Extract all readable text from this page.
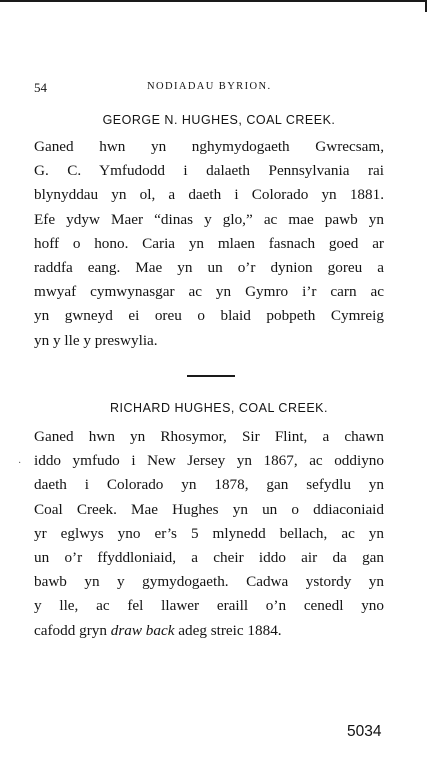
54	NODIADAU BYRION.
GEORGE N. HUGHES, COAL CREEK.

Ganed hwn yn nghymydogaeth Gwrecsam,
G. C. Ymfudodd i dalaeth Pennsylvania rai
blynyddau yn ol, a daeth i Colorado yn 1881.
Efe ydyw Maer “dinas y glo,” ac mae pawb yn
hoff o hono. Caria yn mlaen fasnach goed ar
raddfa eang. Mae yn un o’r dynion goreu a
mwyaf cymwynasgar ac yn Gymro i’r carn ac
yn gwneyd ei oreu o blaid pobpeth Cymreig
yn y lle y preswylia.

RICHARD HUGHES, COAL CREEK.
·

Ganed hwn yn Rhosymor, Sir Flint, a chawn
iddo ymfudo i New Jersey yn 1867, ac oddiyno
daeth i Colorado yn 1878, gan sefydlu yn
Coal Creek. Mae Hughes yn un o ddiaconiaid
yr eglwys yno er’s 5 mlynedd bellach, ac yn
un o’r ffyddloniaid, a cheir iddo air da gan
bawb yn y gymydogaeth. Cadwa ystordy yn
y lle, ac fel llawer eraill o’n cenedl yno
cafodd gryn draw back adeg streic 1884.

5034
